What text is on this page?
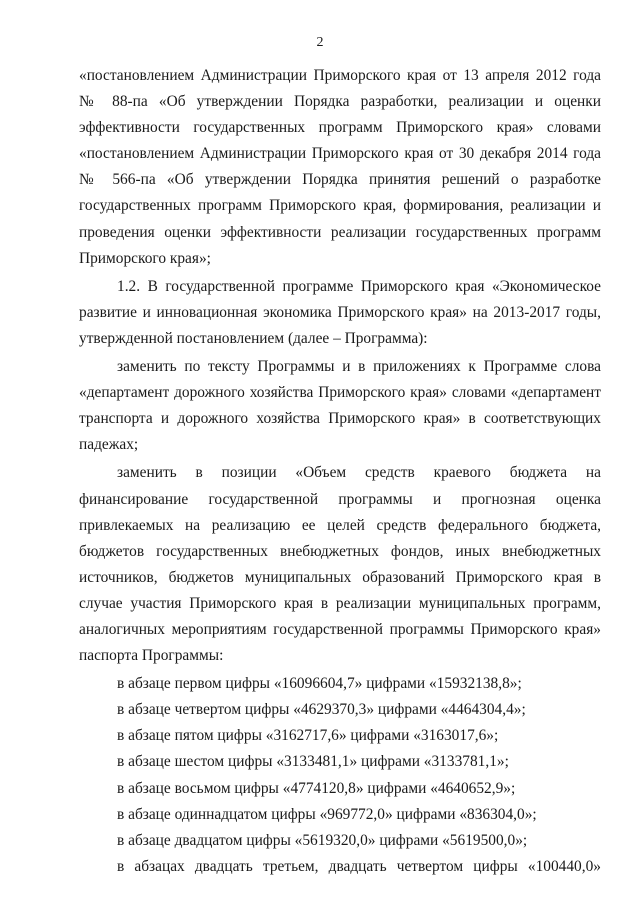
2

«постановлением Администрации Приморского края от 13 апреля 2012 года

№ 88-па «Об утверждении Порядка разработки, реализации и оценки

эффективности государственных программ Приморского края» словами

«постановлением Администрации Приморского края от 30 декабря 2014 года

№ 566-па «Об утверждении Порядка принятия решений о разработке

государственных программ Приморского края, формирования, реализации и

проведения оценки эффективности реализации государственных программ

Приморского края»;

1.2. В государственной программе Приморского края «Экономическое

развитие и инновационная экономика Приморского края» на 2013-2017 годы,

утвержденной постановлением (далее – Программа):

заменить по тексту Программы и в приложениях к Программе слова

«департамент дорожного хозяйства Приморского края» словами «департамент

транспорта и дорожного хозяйства Приморского края» в соответствующих

падежах;

заменить в позиции «Объем средств краевого бюджета на

финансирование государственной программы и прогнозная оценка

привлекаемых на реализацию ее целей средств федерального бюджета,

бюджетов государственных внебюджетных фондов, иных внебюджетных

источников, бюджетов муниципальных образований Приморского края в

случае участия Приморского края в реализации муниципальных программ,

аналогичных мероприятиям государственной программы Приморского края»

паспорта Программы:

в абзаце первом цифры «16096604,7» цифрами «15932138,8»;

в абзаце четвертом цифры «4629370,3» цифрами «4464304,4»;

в абзаце пятом цифры «3162717,6» цифрами «3163017,6»;

в абзаце шестом цифры «3133481,1» цифрами «3133781,1»;

в абзаце восьмом цифры «4774120,8» цифрами «4640652,9»;

в абзаце одиннадцатом цифры «969772,0» цифрами «836304,0»;

в абзаце двадцатом цифры «5619320,0» цифрами «5619500,0»;

в абзацах двадцать третьем, двадцать четвертом цифры «100440,0»
